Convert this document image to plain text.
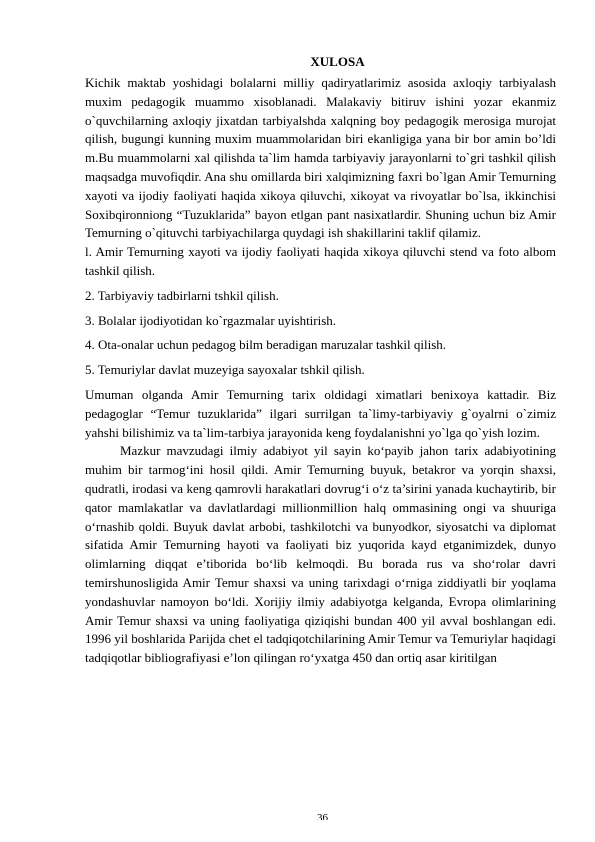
XULOSA

Kichik maktab yoshidagi bolalarni milliy qadiryatlarimiz asosida axloqiy tarbiyalash muxim pedagogik muammo xisoblanadi. Malakaviy bitiruv ishini yozar ekanmiz o`quvchilarning axloqiy jixatdan tarbiyalshda xalqning boy pedagogik merosiga murojat qilish, bugungi kunning muxim muammolaridan biri ekanligiga yana bir bor amin bo’ldi m.Bu muammolarni xal qilishda ta`lim hamda tarbiyaviy jarayonlarni to`gri tashkil qilish maqsadga muvofiqdir. Ana shu omillarda biri xalqimizning faxri bo`lgan Amir Temurning xayoti va ijodiy faoliyati haqida xikoya qiluvchi, xikoyat va rivoyatlar bo`lsa, ikkinchisi Soxibqironniong “Tuzuklarida” bayon etlgan pant nasixatlardir. Shuning uchun biz Amir Temurning o`qituvchi tarbiyachilarga quydagi ish shakillarini taklif qilamiz.

l. Amir Temurning xayoti va ijodiy faoliyati haqida xikoya qiluvchi stend va foto albom tashkil qilish.

2. Tarbiyaviy tadbirlarni tshkil qilish.

3. Bolalar ijodiyotidan ko`rgazmalar uyishtirish.

4. Ota-onalar uchun pedagog bilm beradigan maruzalar tashkil qilish.

5. Temuriylar davlat muzeyiga sayoxalar tshkil qilish.

Umuman olganda Amir Temurning tarix oldidagi ximatlari benixoya kattadir. Biz pedagoglar “Temur tuzuklarida” ilgari surrilgan ta`limy-tarbiyaviy g`oyalrni o`zimiz yahshi bilishimiz va ta`lim-tarbiya jarayonida keng foydalanishni yo`lga qo`yish lozim.

Mazkur mavzudagi ilmiy adabiyot yil sayin ko‘payib jahon tarix adabiyotining muhim bir tarmog‘ini hosil qildi. Amir Temurning buyuk, betakror va yorqin shaxsi, qudratli, irodasi va keng qamrovli harakatlari dovrug‘i o‘z ta’sirini yanada kuchaytirib, bir qator mamlakatlar va davlatlardagi millionmillion halq ommasining ongi va shuuriga o‘rnashib qoldi. Buyuk davlat arbobi, tashkilotchi va bunyodkor, siyosatchi va diplomat sifatida Amir Temurning hayoti va faoliyati biz yuqorida kayd etganimizdek, dunyo olimlarning diqqat e’tiborida bo‘lib kelmoqdi. Bu borada rus va sho‘rolar davri temirshunosligida Amir Temur shaxsi va uning tarixdagi o‘rniga ziddiyatli bir yoqlama yondashuvlar namoyon bo‘ldi. Xorijiy ilmiy adabiyotga kelganda, Evropa olimlarining Amir Temur shaxsi va uning faoliyatiga qiziqishi bundan 400 yil avval boshlangan edi. 1996 yil boshlarida Parijda chet el tadqiqotchilarining Amir Temur va Temuriylar haqidagi tadqiqotlar bibliografiyasi e’lon qilingan ro‘yxatga 450 dan ortiq asar kiritilgan

36
